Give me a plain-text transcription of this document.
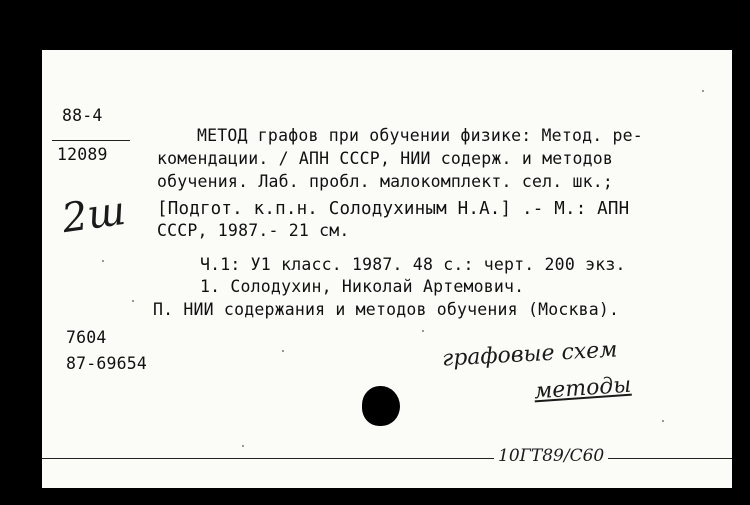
88-4
12089
2ш
МЕТОД графов при обучении физике: Метод. ре-
комендации. / АПН СССР, НИИ содерж. и методов
обучения. Лаб. пробл. малокомплект. сел. шк.;
[Подгот. к.п.н. Солодухиным Н.А.] .- М.: АПН
СССР, 1987.- 21 см.
Ч.1: У1 класс. 1987. 48 с.: черт. 200 экз.
1. Солодухин, Николай Артемович.
П. НИИ содержания и методов обучения (Москва).
7604
87-69654	графовые схем
методы
10ГТ89/С60
